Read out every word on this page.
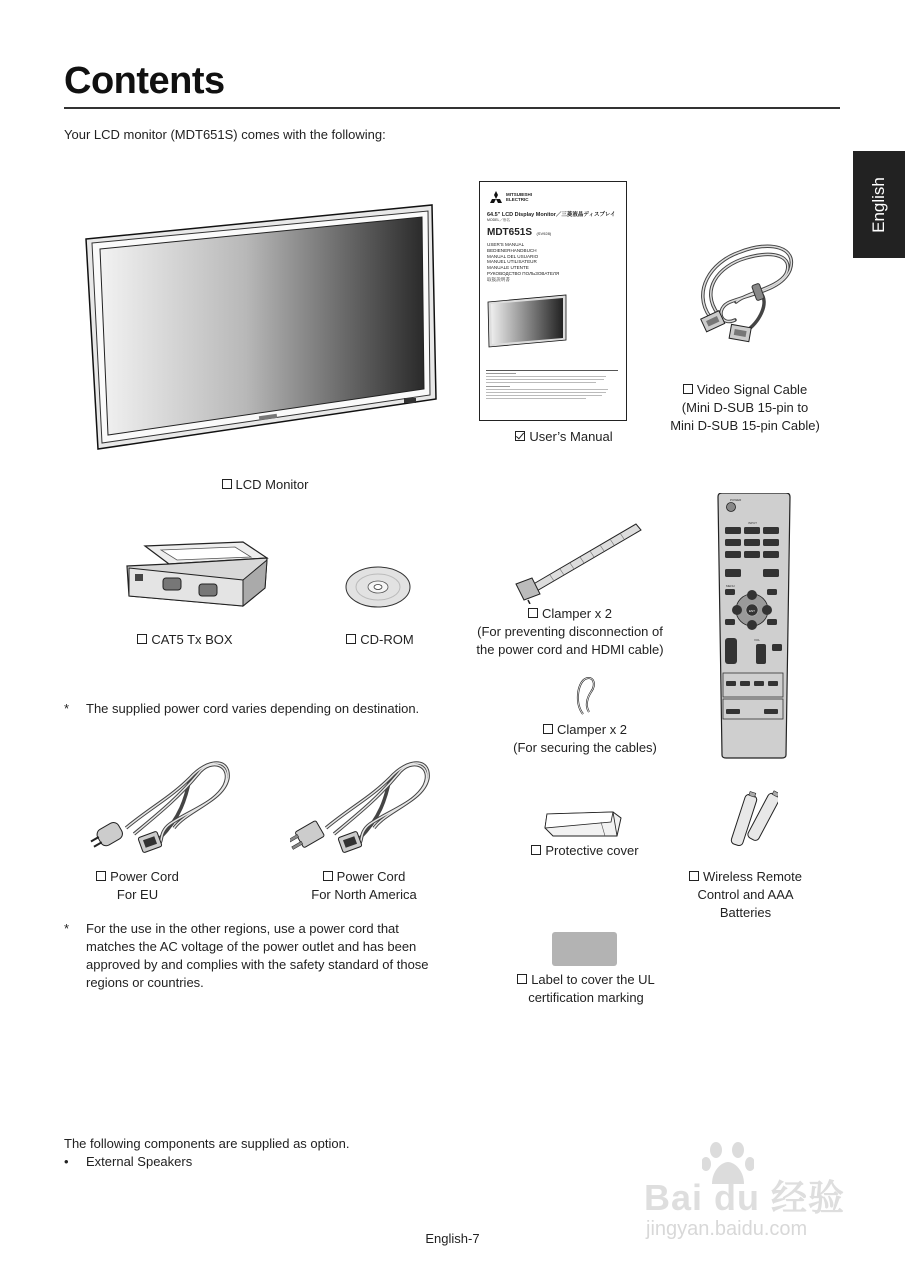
Contents
Your LCD monitor (MDT651S) comes with the following:
English
LCD Monitor
MITSUBISHI ELECTRIC
64.5" LCD Display Monitor／三菱液晶ディスプレイ
MODEL／形名
MDT651S (SV928)
USER'S MANUAL
BEDIENERHANDBUCH
MANUAL DEL USUARIO
MANUEL UTILISATEUR
MANUALE UTENTE
РУКОВОДСТВО ПОЛЬЗОВАТЕЛЯ
取扱説明書
User’s Manual
Video Signal Cable
(Mini D-SUB 15-pin to
Mini D-SUB 15-pin Cable)
CAT5 Tx BOX	CD-ROM
Clamper x 2
(For preventing disconnection of
the power cord and HDMI cable)
Clamper x 2
(For securing the cables)
POWER
INPUT
MENU
ENT
VOL
* The supplied power cord varies depending on destination.
Power Cord
For EU
Power Cord
For North America
Protective cover
Wireless Remote
Control and AAA
Batteries
* For the use in the other regions, use a power cord that
matches the AC voltage of the power outlet and has been
approved by and complies with the safety standard of those
regions or countries.	Label to cover the UL
certification marking
The following components are supplied as option.
• External Speakers
Bai du 经验
jingyan.baidu.com
English-7
